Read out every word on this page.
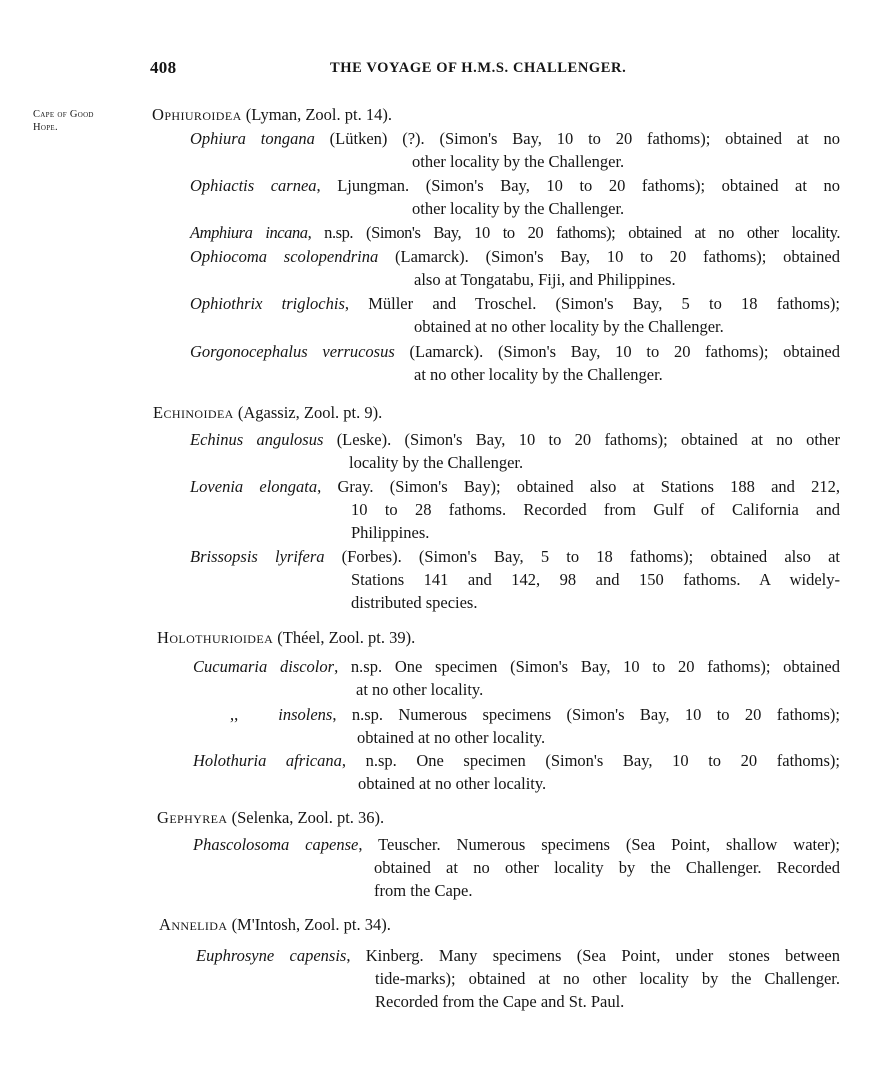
408	THE VOYAGE OF H.M.S. CHALLENGER.
Cape of Good
Hope.
Ophiuroidea (Lyman, Zool. pt. 14).
Ophiura tongana (Lütken) (?). (Simon's Bay, 10 to 20 fathoms); obtained at no
other locality by the Challenger.
Ophiactis carnea, Ljungman. (Simon's Bay, 10 to 20 fathoms); obtained at no
other locality by the Challenger.
Amphiura incana, n.sp. (Simon's Bay, 10 to 20 fathoms); obtained at no other locality.
Ophiocoma scolopendrina (Lamarck). (Simon's Bay, 10 to 20 fathoms); obtained
also at Tongatabu, Fiji, and Philippines.
Ophiothrix triglochis, Müller and Troschel. (Simon's Bay, 5 to 18 fathoms);
obtained at no other locality by the Challenger.
Gorgonocephalus verrucosus (Lamarck). (Simon's Bay, 10 to 20 fathoms); obtained
at no other locality by the Challenger.
Echinoidea (Agassiz, Zool. pt. 9).
Echinus angulosus (Leske). (Simon's Bay, 10 to 20 fathoms); obtained at no other
locality by the Challenger.
Lovenia elongata, Gray. (Simon's Bay); obtained also at Stations 188 and 212,
10 to 28 fathoms. Recorded from Gulf of California and
Philippines.
Brissopsis lyrifera (Forbes). (Simon's Bay, 5 to 18 fathoms); obtained also at
Stations 141 and 142, 98 and 150 fathoms. A widely-
distributed species.
Holothurioidea (Théel, Zool. pt. 39).
Cucumaria discolor, n.sp. One specimen (Simon's Bay, 10 to 20 fathoms); obtained
at no other locality.
,, insolens, n.sp. Numerous specimens (Simon's Bay, 10 to 20 fathoms);
obtained at no other locality.
Holothuria africana, n.sp. One specimen (Simon's Bay, 10 to 20 fathoms);
obtained at no other locality.
Gephyrea (Selenka, Zool. pt. 36).
Phascolosoma capense, Teuscher. Numerous specimens (Sea Point, shallow water);
obtained at no other locality by the Challenger. Recorded
from the Cape.
Annelida (M'Intosh, Zool. pt. 34).
Euphrosyne capensis, Kinberg. Many specimens (Sea Point, under stones between
tide-marks); obtained at no other locality by the Challenger.
Recorded from the Cape and St. Paul.
